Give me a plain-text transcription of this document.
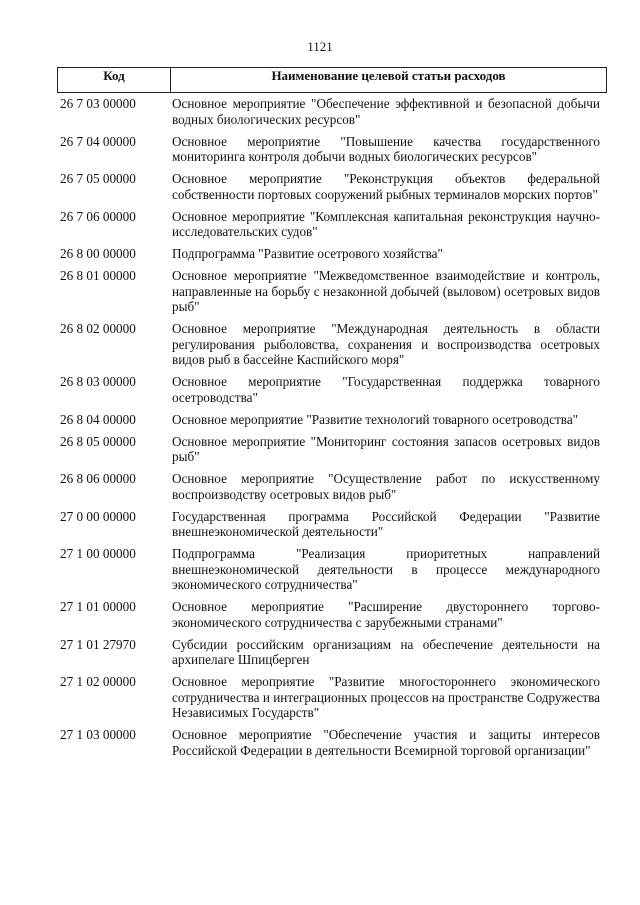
1121
Код	Наименование целевой статьи расходов
26 7 03 00000	Основное мероприятие "Обеспечение эффективной и безопасной добычи водных биологических ресурсов"
26 7 04 00000	Основное мероприятие "Повышение качества государственного мониторинга контроля добычи водных биологических ресурсов"
26 7 05 00000	Основное мероприятие "Реконструкция объектов федеральной собственности портовых сооружений рыбных терминалов морских портов"
26 7 06 00000	Основное мероприятие "Комплексная капитальная реконструкция научно-исследовательских судов"
26 8 00 00000	Подпрограмма "Развитие осетрового хозяйства"
26 8 01 00000	Основное мероприятие "Межведомственное взаимодействие и контроль, направленные на борьбу с незаконной добычей (выловом) осетровых видов рыб"
26 8 02 00000	Основное мероприятие "Международная деятельность в области регулирования рыболовства, сохранения и воспроизводства осетровых видов рыб в бассейне Каспийского моря"
26 8 03 00000	Основное мероприятие "Государственная поддержка товарного осетроводства"
26 8 04 00000	Основное мероприятие "Развитие технологий товарного осетроводства"
26 8 05 00000	Основное мероприятие "Мониторинг состояния запасов осетровых видов рыб"
26 8 06 00000	Основное мероприятие "Осуществление работ по искусственному воспроизводству осетровых видов рыб"
27 0 00 00000	Государственная программа Российской Федерации "Развитие внешнеэкономической деятельности"
27 1 00 00000	Подпрограмма "Реализация приоритетных направлений внешнеэкономической деятельности в процессе международного экономического сотрудничества"
27 1 01 00000	Основное мероприятие "Расширение двустороннего торгово-экономического сотрудничества с зарубежными странами"
27 1 01 27970	Субсидии российским организациям на обеспечение деятельности на архипелаге Шпицберген
27 1 02 00000	Основное мероприятие "Развитие многостороннего экономического сотрудничества и интеграционных процессов на пространстве Содружества Независимых Государств"
27 1 03 00000	Основное мероприятие "Обеспечение участия и защиты интересов Российской Федерации в деятельности Всемирной торговой организации"
